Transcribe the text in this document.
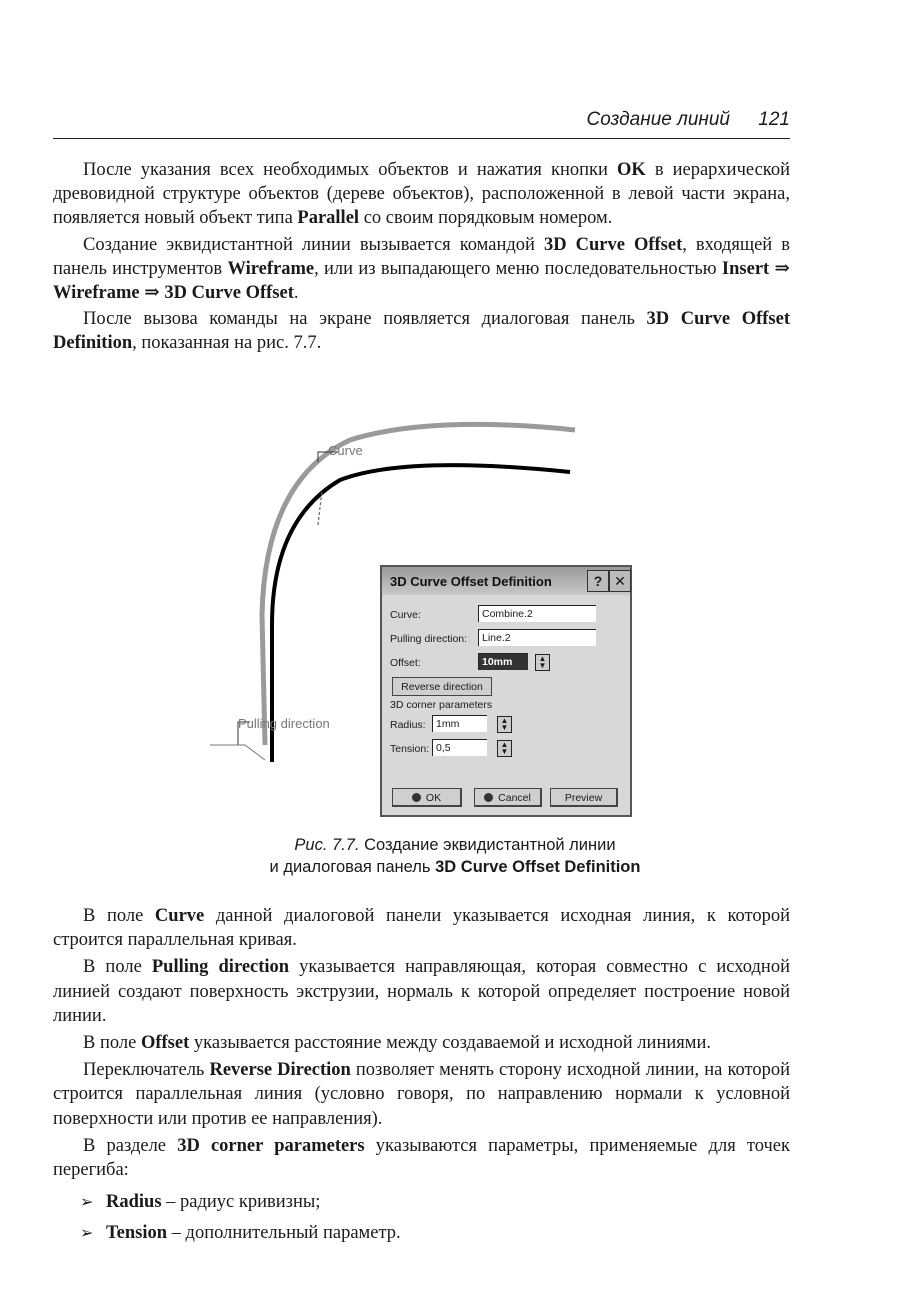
Создание линий 121

После указания всех необходимых объектов и нажатия кнопки OK в иерархической древовидной структуре объектов (дереве объектов), расположенной в левой части экрана, появляется новый объект типа Parallel со своим порядковым номером.

Создание эквидистантной линии вызывается командой 3D Curve Offset, входящей в панель инструментов Wireframe, или из выпадающего меню последовательностью Insert ⇒ Wireframe ⇒ 3D Curve Offset.

После вызова команды на экране появляется диалоговая панель 3D Curve Offset Definition, показанная на рис. 7.7.

Curve
Pulling direction
3D Curve Offset Definition	? ✕
Curve:	Combine.2
Pulling direction:	Line.2
Offset:	10mm	▲
▼
Reverse direction
3D corner parameters
Radius: 1mm	▲
▼
Tension: 0,5	▲
▼
OK	Cancel	Preview
Рис. 7.7. Создание эквидистантной линии
и диалоговая панель 3D Curve Offset Definition

В поле Curve данной диалоговой панели указывается исходная линия, к которой строится параллельная кривая.

В поле Pulling direction указывается направляющая, которая совместно с исходной линией создают поверхность экструзии, нормаль к которой определяет построение новой линии.

В поле Offset указывается расстояние между создаваемой и исходной линиями.

Переключатель Reverse Direction позволяет менять сторону исходной линии, на которой строится параллельная линия (условно говоря, по направлению нормали к условной поверхности или против ее направления).

В разделе 3D corner parameters указываются параметры, применяемые для точек перегиба:

➢ Radius – радиус кривизны;
➢ Tension – дополнительный параметр.
